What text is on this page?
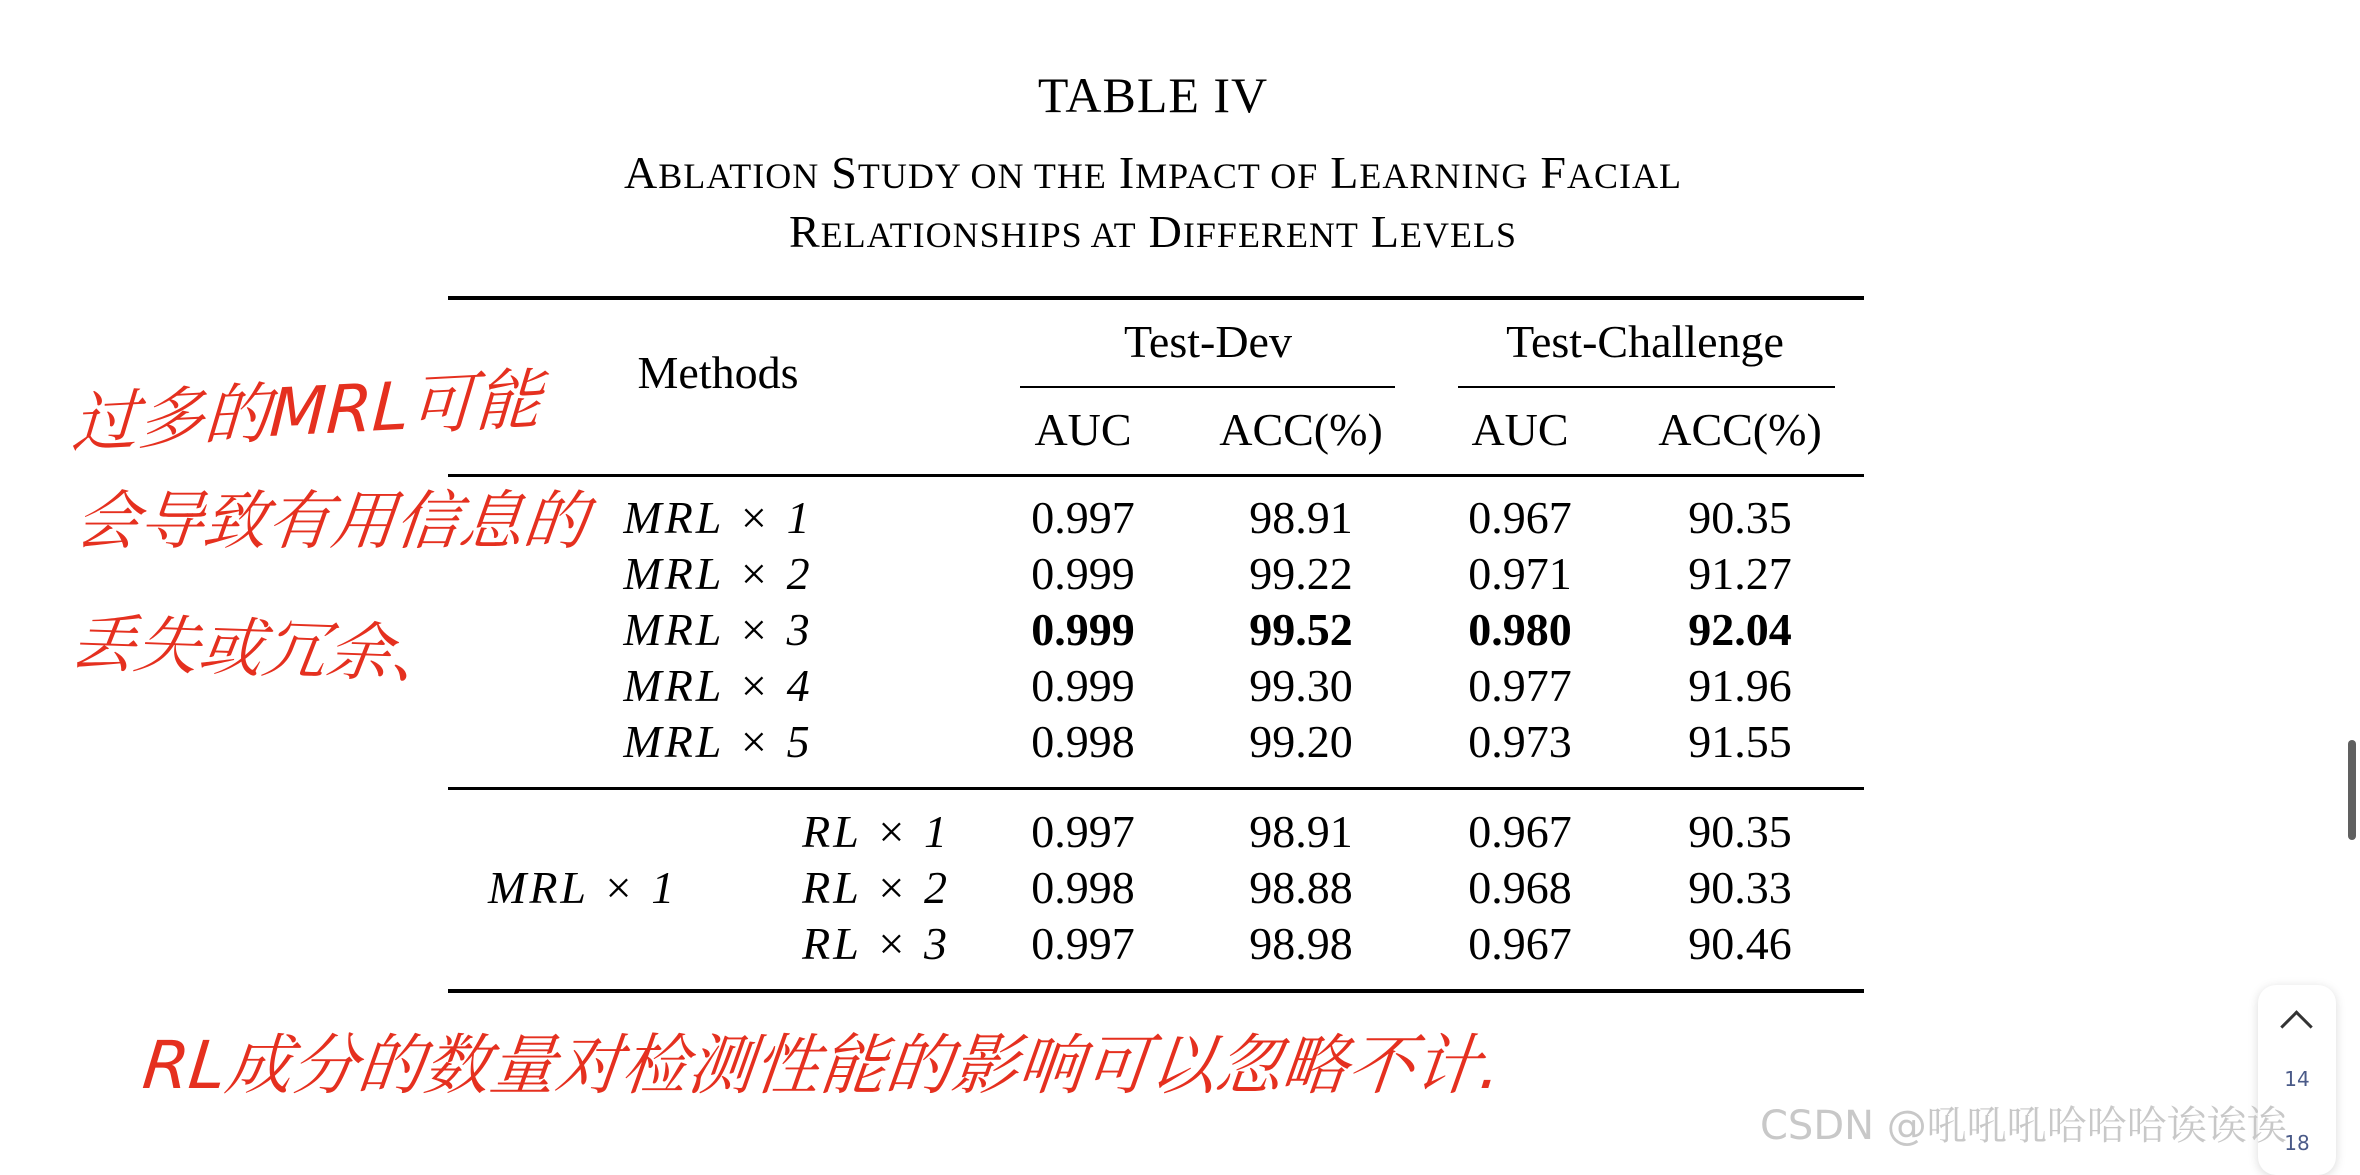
TABLE IV
ABLATION STUDY ON THE IMPACT OF LEARNING FACIAL
RELATIONSHIPS AT DIFFERENT LEVELS
Methods
Test-Dev	Test-Challenge
AUC ACC(%) AUC ACC(%)
MRL × 1	0.997 98.91	0.967	90.35
MRL × 2	0.999 99.22	0.971	91.27
MRL × 3	0.999 99.52	0.980	92.04
MRL × 4	0.999 99.30	0.977	91.96
MRL × 5	0.998 99.20	0.973	91.55
MRL × 1
RL × 1 0.997 98.91	0.967	90.35
RL × 2 0.998 98.88	0.968	90.33
RL × 3 0.997 98.98	0.967	90.46
过多的MRL可能
会导致有用信息的
丢失或冗余、
RL成分的数量对检测性能的影响可以忽略不计.	14
18
CSDN @吼吼吼哈哈哈诶诶诶
